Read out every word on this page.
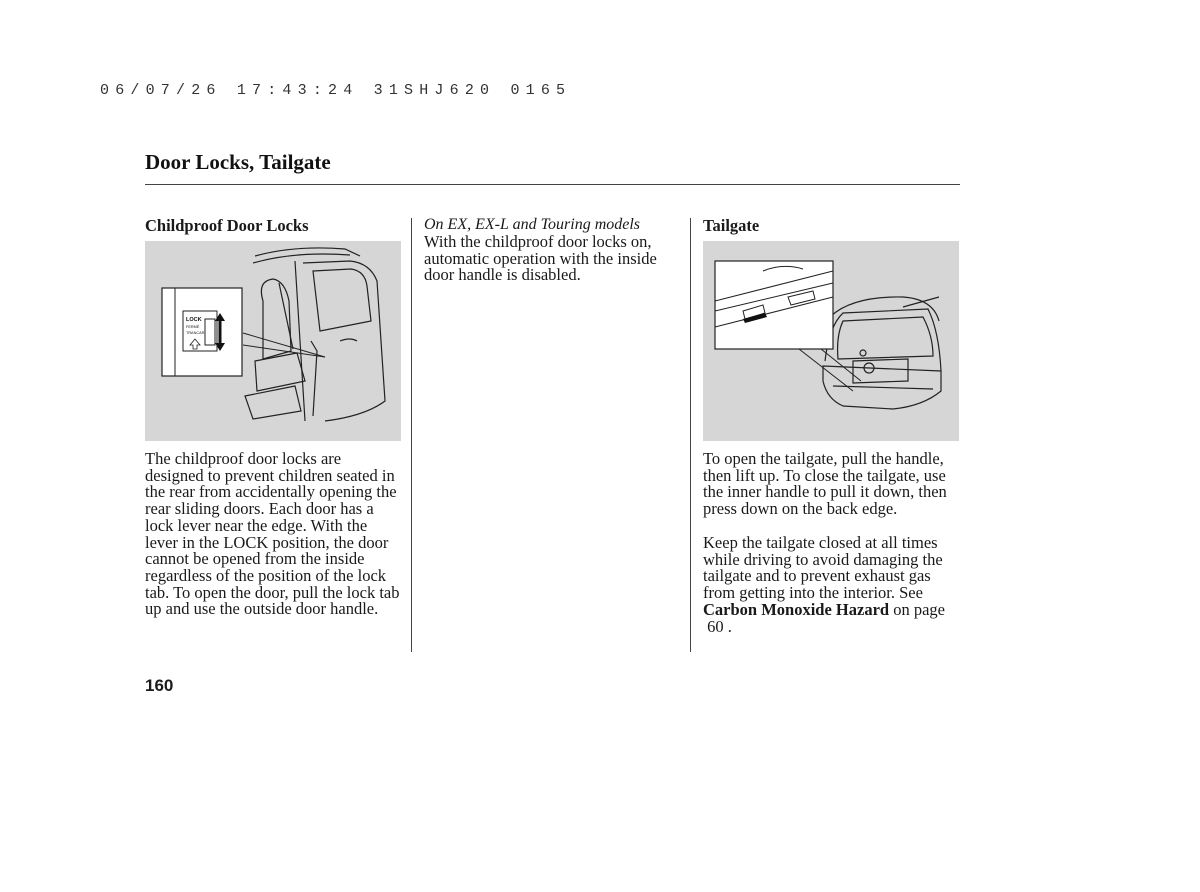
06/07/26 17:43:24 31SHJ620 0165
Door Locks, Tailgate
Childproof Door Locks
LOCK
FERMÉ
TRANCAR
The childproof door locks are designed to prevent children seated in the rear from accidentally opening the rear sliding doors. Each door has a lock lever near the edge. With the lever in the LOCK position, the door cannot be opened from the inside regardless of the position of the lock tab. To open the door, pull the lock tab up and use the outside door handle.
On EX, EX-L and Touring models
With the childproof door locks on, automatic operation with the inside door handle is disabled.
Tailgate
To open the tailgate, pull the handle, then lift up. To close the tailgate, use the inner handle to pull it down, then press down on the back edge.
Keep the tailgate closed at all times while driving to avoid damaging the tailgate and to prevent exhaust gas from getting into the interior. See Carbon Monoxide Hazard on page
60 .
160
